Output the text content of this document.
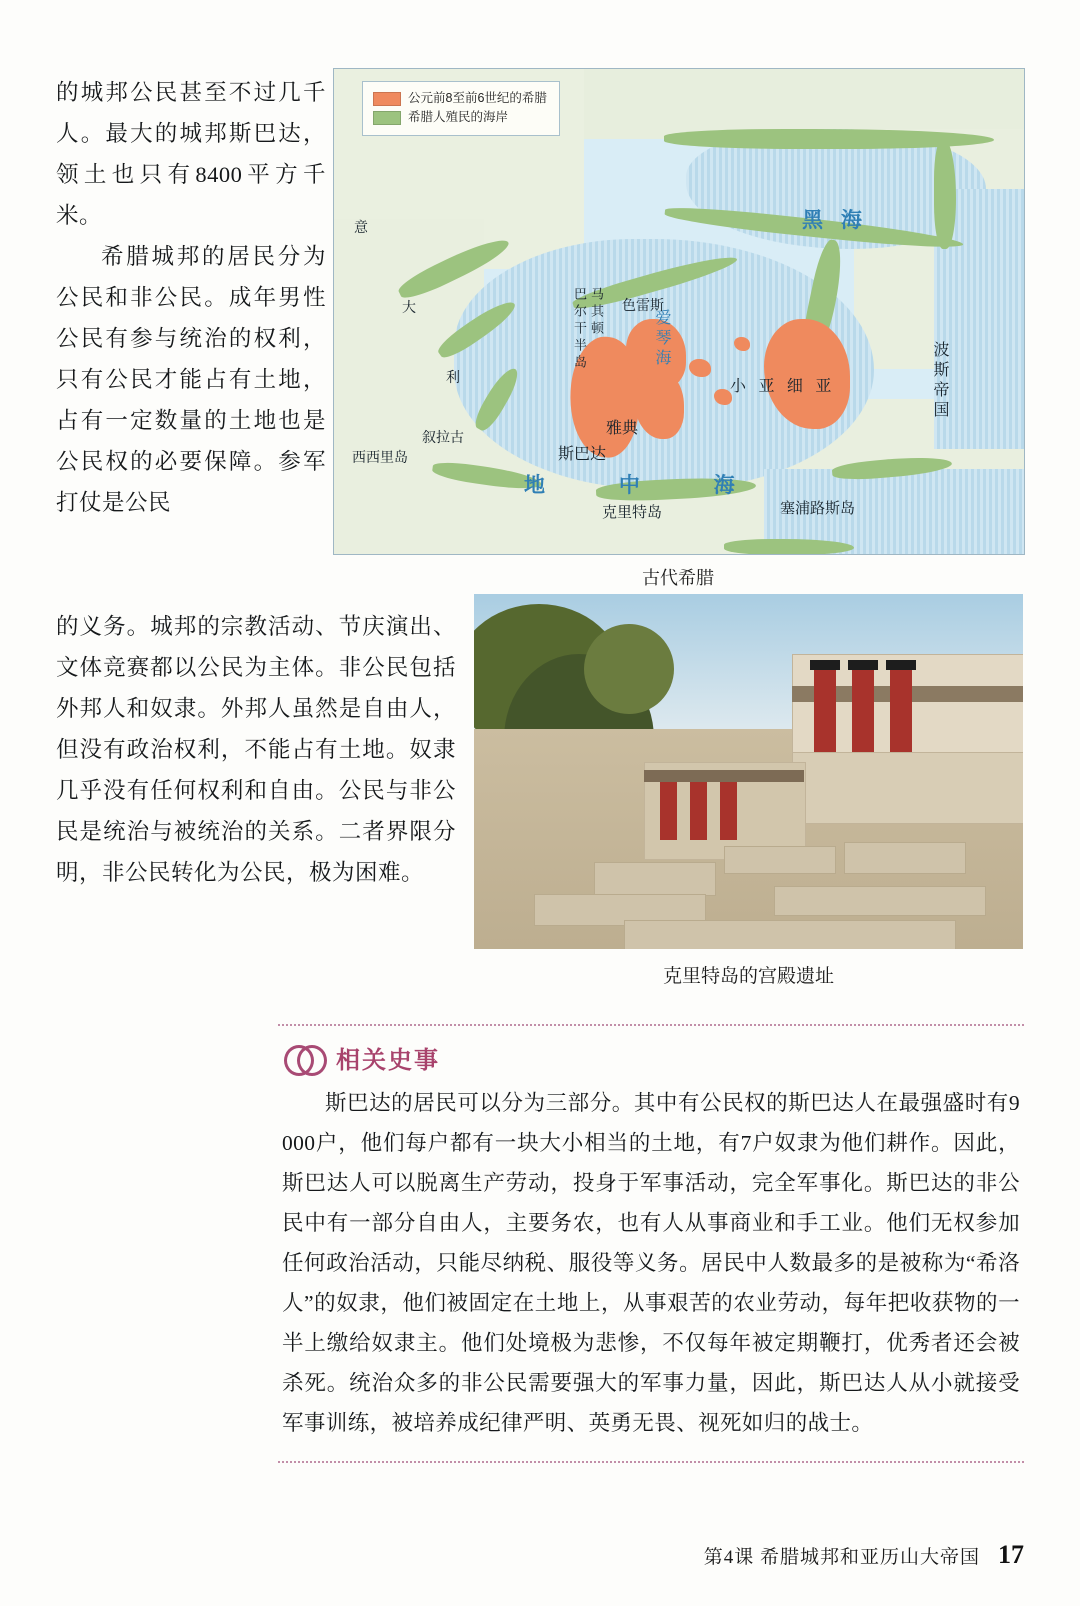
的城邦公民甚至不过几千人。最大的城邦斯巴达，领土也只有8400平方千米。

希腊城邦的居民分为公民和非公民。成年男性公民有参与统治的权利，只有公民才能占有土地，占有一定数量的土地也是公民权的必要保障。参军打仗是公民

的义务。城邦的宗教活动、节庆演出、文体竞赛都以公民为主体。非公民包括外邦人和奴隶。外邦人虽然是自由人，但没有政治权利，不能占有土地。奴隶几乎没有任何权利和自由。公民与非公民是统治与被统治的关系。二者界限分明，非公民转化为公民，极为困难。

公元前8至前6世纪的希腊
希腊人殖民的海岸
黑 海
地 中 海
爱琴海
意
大
利
西西里岛
叙拉古
巴尔干半岛 马其顿 色雷斯
雅典
斯巴达
克里特岛
小 亚 细 亚
塞浦路斯岛
波斯帝国
古代希腊
克里特岛的宫殿遗址
相关史事
斯巴达的居民可以分为三部分。其中有公民权的斯巴达人在最强盛时有9 000户，他们每户都有一块大小相当的土地，有7户奴隶为他们耕作。因此，斯巴达人可以脱离生产劳动，投身于军事活动，完全军事化。斯巴达的非公民中有一部分自由人，主要务农，也有人从事商业和手工业。他们无权参加任何政治活动，只能尽纳税、服役等义务。居民中人数最多的是被称为“希洛人”的奴隶，他们被固定在土地上，从事艰苦的农业劳动，每年把收获物的一半上缴给奴隶主。他们处境极为悲惨，不仅每年被定期鞭打，优秀者还会被杀死。统治众多的非公民需要强大的军事力量，因此，斯巴达人从小就接受军事训练，被培养成纪律严明、英勇无畏、视死如归的战士。
第4课 希腊城邦和亚历山大帝国 17
